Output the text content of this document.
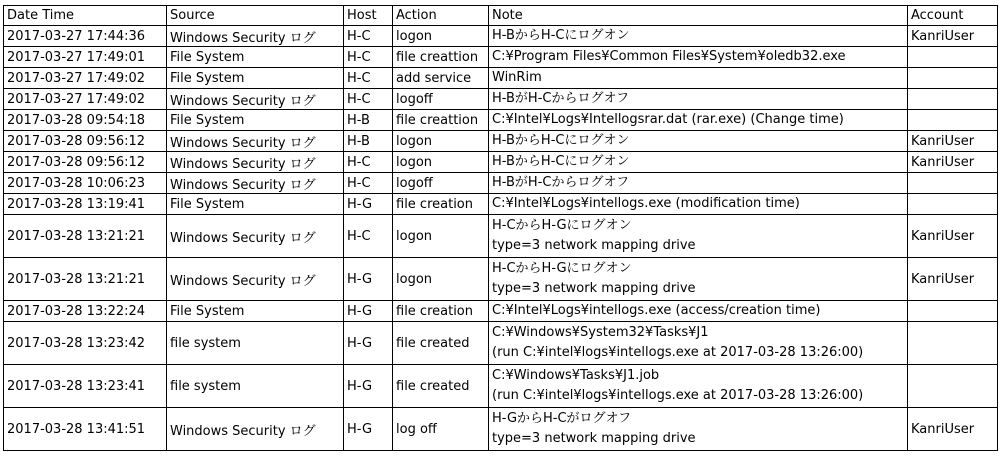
Date Time	Source	Host	Action	Note	Account
2017-03-27 17:44:36	Windows Security ログ	H-C	logon	H-BからH-Cにログオン	KanriUser
2017-03-27 17:49:01	File System	H-C	file creattion	C:¥Program Files¥Common Files¥System¥oledb32.exe	

2017-03-27 17:49:02	File System	H-C	add service	WinRim	

2017-03-27 17:49:02	Windows Security ログ	H-C	logoff	H-BがH-Cからログオフ	

2017-03-28 09:54:18	File System	H-B	file creattion	C:¥Intel¥Logs¥Intellogsrar.dat (rar.exe) (Change time)	

2017-03-28 09:56:12	Windows Security ログ	H-B	logon	H-BからH-Cにログオン	KanriUser
2017-03-28 09:56:12	Windows Security ログ	H-C	logon	H-BからH-Cにログオン	KanriUser
2017-03-28 10:06:23	Windows Security ログ	H-C	logoff	H-BがH-Cからログオフ	

2017-03-28 13:19:41	File System	H-G	file creation	C:¥Intel¥Logs¥intellogs.exe (modification time)	

2017-03-28 13:21:21	Windows Security ログ	H-C	logon	H-CからH-Gにログオン
type=3 network mapping drive	KanriUser
2017-03-28 13:21:21	Windows Security ログ	H-G	logon	H-CからH-Gにログオン
type=3 network mapping drive	KanriUser
2017-03-28 13:22:24	File System	H-G	file creation	C:¥Intel¥Logs¥intellogs.exe (access/creation time)	

2017-03-28 13:23:42	file system	H-G	file created	C:¥Windows¥System32¥Tasks¥J1
(run C:¥intel¥logs¥intellogs.exe at 2017-03-28 13:26:00)	

2017-03-28 13:23:41	file system	H-G	file created	C:¥Windows¥Tasks¥J1.job
(run C:¥intel¥logs¥intellogs.exe at 2017-03-28 13:26:00)	

2017-03-28 13:41:51	Windows Security ログ	H-G	log off	H-GからH-Cがログオフ
type=3 network mapping drive	KanriUser
